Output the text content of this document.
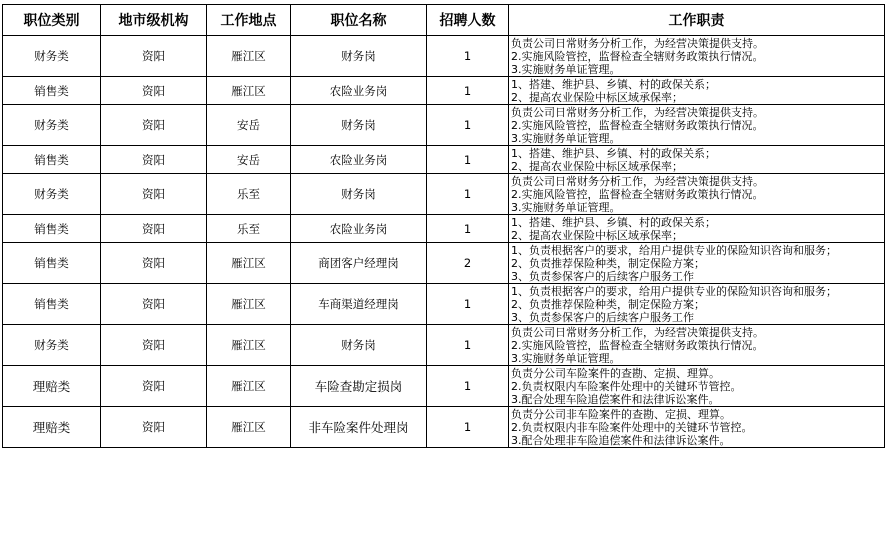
职位类别	地市级机构	工作地点	职位名称	招聘人数	工作职责
财务类	资阳	雁江区	财务岗	1	负责公司日常财务分析工作，为经营决策提供支持。
2.实施风险管控，监督检查全辖财务政策执行情况。
3.实施财务单证管理。

销售类	资阳	雁江区	农险业务岗	1	1、搭建、维护县、乡镇、村的政保关系；
2、提高农业保险中标区域承保率；

财务类	资阳	安岳	财务岗	1	负责公司日常财务分析工作，为经营决策提供支持。
2.实施风险管控，监督检查全辖财务政策执行情况。
3.实施财务单证管理。

销售类	资阳	安岳	农险业务岗	1	1、搭建、维护县、乡镇、村的政保关系；
2、提高农业保险中标区域承保率；

财务类	资阳	乐至	财务岗	1	负责公司日常财务分析工作，为经营决策提供支持。
2.实施风险管控，监督检查全辖财务政策执行情况。
3.实施财务单证管理。

销售类	资阳	乐至	农险业务岗	1	1、搭建、维护县、乡镇、村的政保关系；
2、提高农业保险中标区域承保率；

销售类	资阳	雁江区	商团客户经理岗	2	1、负责根据客户的要求，给用户提供专业的保险知识咨询和服务；
2、负责推荐保险种类，制定保险方案；
3、负责参保客户的后续客户服务工作

销售类	资阳	雁江区	车商渠道经理岗	1	1、负责根据客户的要求，给用户提供专业的保险知识咨询和服务；
2、负责推荐保险种类，制定保险方案；
3、负责参保客户的后续客户服务工作

财务类	资阳	雁江区	财务岗	1	负责公司日常财务分析工作，为经营决策提供支持。
2.实施风险管控，监督检查全辖财务政策执行情况。
3.实施财务单证管理。

理赔类	资阳	雁江区	车险查勘定损岗	1	负责分公司车险案件的查勘、定损、理算。
2.负责权限内车险案件处理中的关键环节管控。
3.配合处理车险追偿案件和法律诉讼案件。

理赔类	资阳	雁江区	非车险案件处理岗	1	负责分公司非车险案件的查勘、定损、理算。
2.负责权限内非车险案件处理中的关键环节管控。
3.配合处理非车险追偿案件和法律诉讼案件。
